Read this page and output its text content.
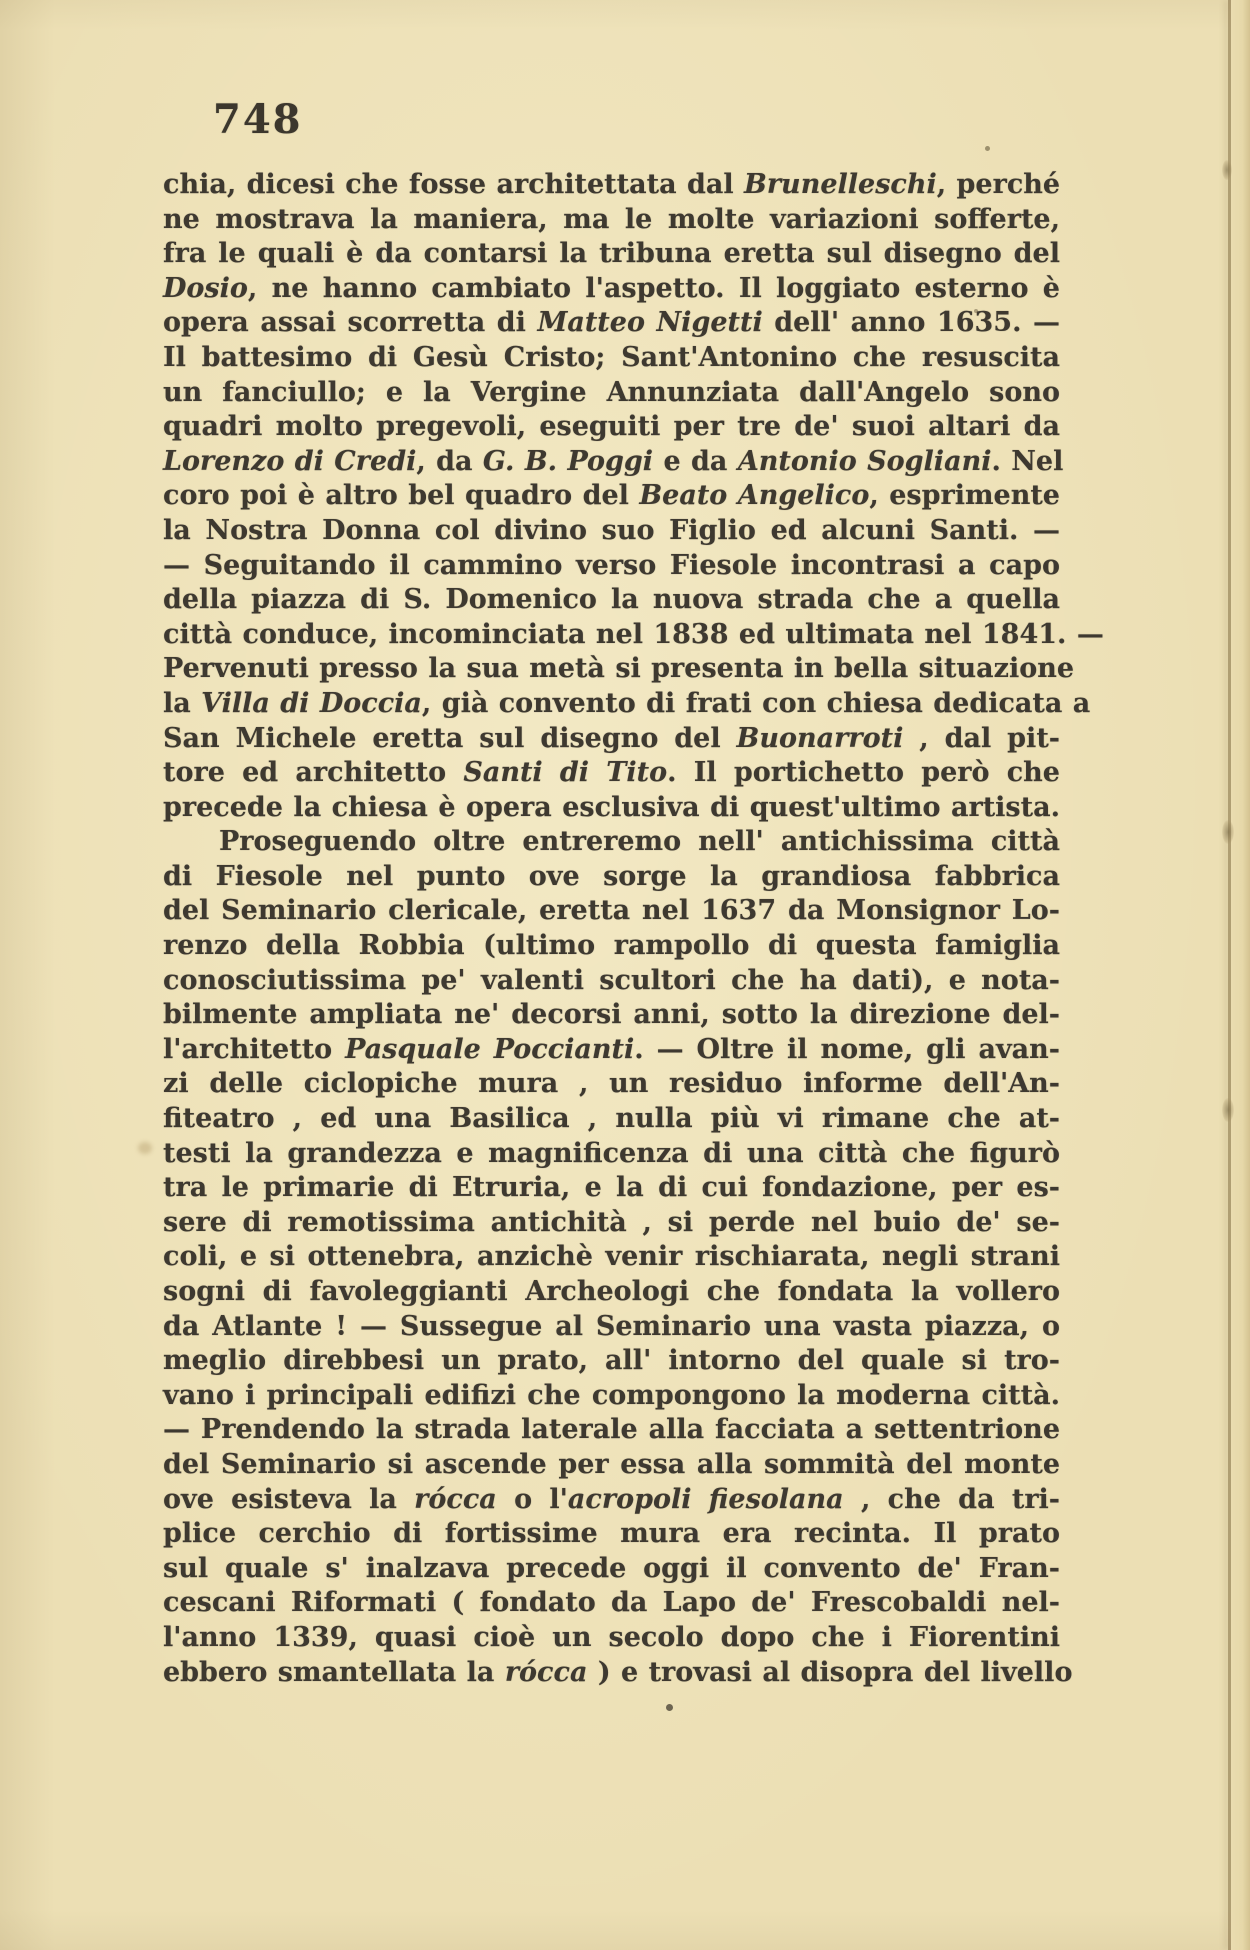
748
chia, dicesi che fosse architettata dal Brunelleschi, perché
ne mostrava la maniera, ma le molte variazioni sofferte,
fra le quali è da contarsi la tribuna eretta sul disegno del
Dosio, ne hanno cambiato l'aspetto. Il loggiato esterno è
opera assai scorretta di Matteo Nigetti dell' anno 1635. —
Il battesimo di Gesù Cristo; Sant'Antonino che resuscita
un fanciullo; e la Vergine Annunziata dall'Angelo sono
quadri molto pregevoli, eseguiti per tre de' suoi altari da
Lorenzo di Credi, da G. B. Poggi e da Antonio Sogliani. Nel
coro poi è altro bel quadro del Beato Angelico, esprimente
la Nostra Donna col divino suo Figlio ed alcuni Santi. —
— Seguitando il cammino verso Fiesole incontrasi a capo
della piazza di S. Domenico la nuova strada che a quella
città conduce, incominciata nel 1838 ed ultimata nel 1841. —
Pervenuti presso la sua metà si presenta in bella situazione
la Villa di Doccia, già convento di frati con chiesa dedicata a
San Michele eretta sul disegno del Buonarroti , dal pit-
tore ed architetto Santi di Tito. Il portichetto però che
precede la chiesa è opera esclusiva di quest'ultimo artista.
Proseguendo oltre entreremo nell' antichissima città
di Fiesole nel punto ove sorge la grandiosa fabbrica
del Seminario clericale, eretta nel 1637 da Monsignor Lo-
renzo della Robbia (ultimo rampollo di questa famiglia
conosciutissima pe' valenti scultori che ha dati), e nota-
bilmente ampliata ne' decorsi anni, sotto la direzione del-
l'architetto Pasquale Poccianti. — Oltre il nome, gli avan-
zi delle ciclopiche mura , un residuo informe dell'An-
fiteatro , ed una Basilica , nulla più vi rimane che at-
testi la grandezza e magnificenza di una città che figurò
tra le primarie di Etruria, e la di cui fondazione, per es-
sere di remotissima antichità , si perde nel buio de' se-
coli, e si ottenebra, anzichè venir rischiarata, negli strani
sogni di favoleggianti Archeologi che fondata la vollero
da Atlante ! — Sussegue al Seminario una vasta piazza, o
meglio direbbesi un prato, all' intorno del quale si tro-
vano i principali edifizi che compongono la moderna città.
— Prendendo la strada laterale alla facciata a settentrione
del Seminario si ascende per essa alla sommità del monte
ove esisteva la rócca o l'acropoli fiesolana , che da tri-
plice cerchio di fortissime mura era recinta. Il prato
sul quale s' inalzava precede oggi il convento de' Fran-
cescani Riformati ( fondato da Lapo de' Frescobaldi nel-
l'anno 1339, quasi cioè un secolo dopo che i Fiorentini
ebbero smantellata la rócca ) e trovasi al disopra del livello
